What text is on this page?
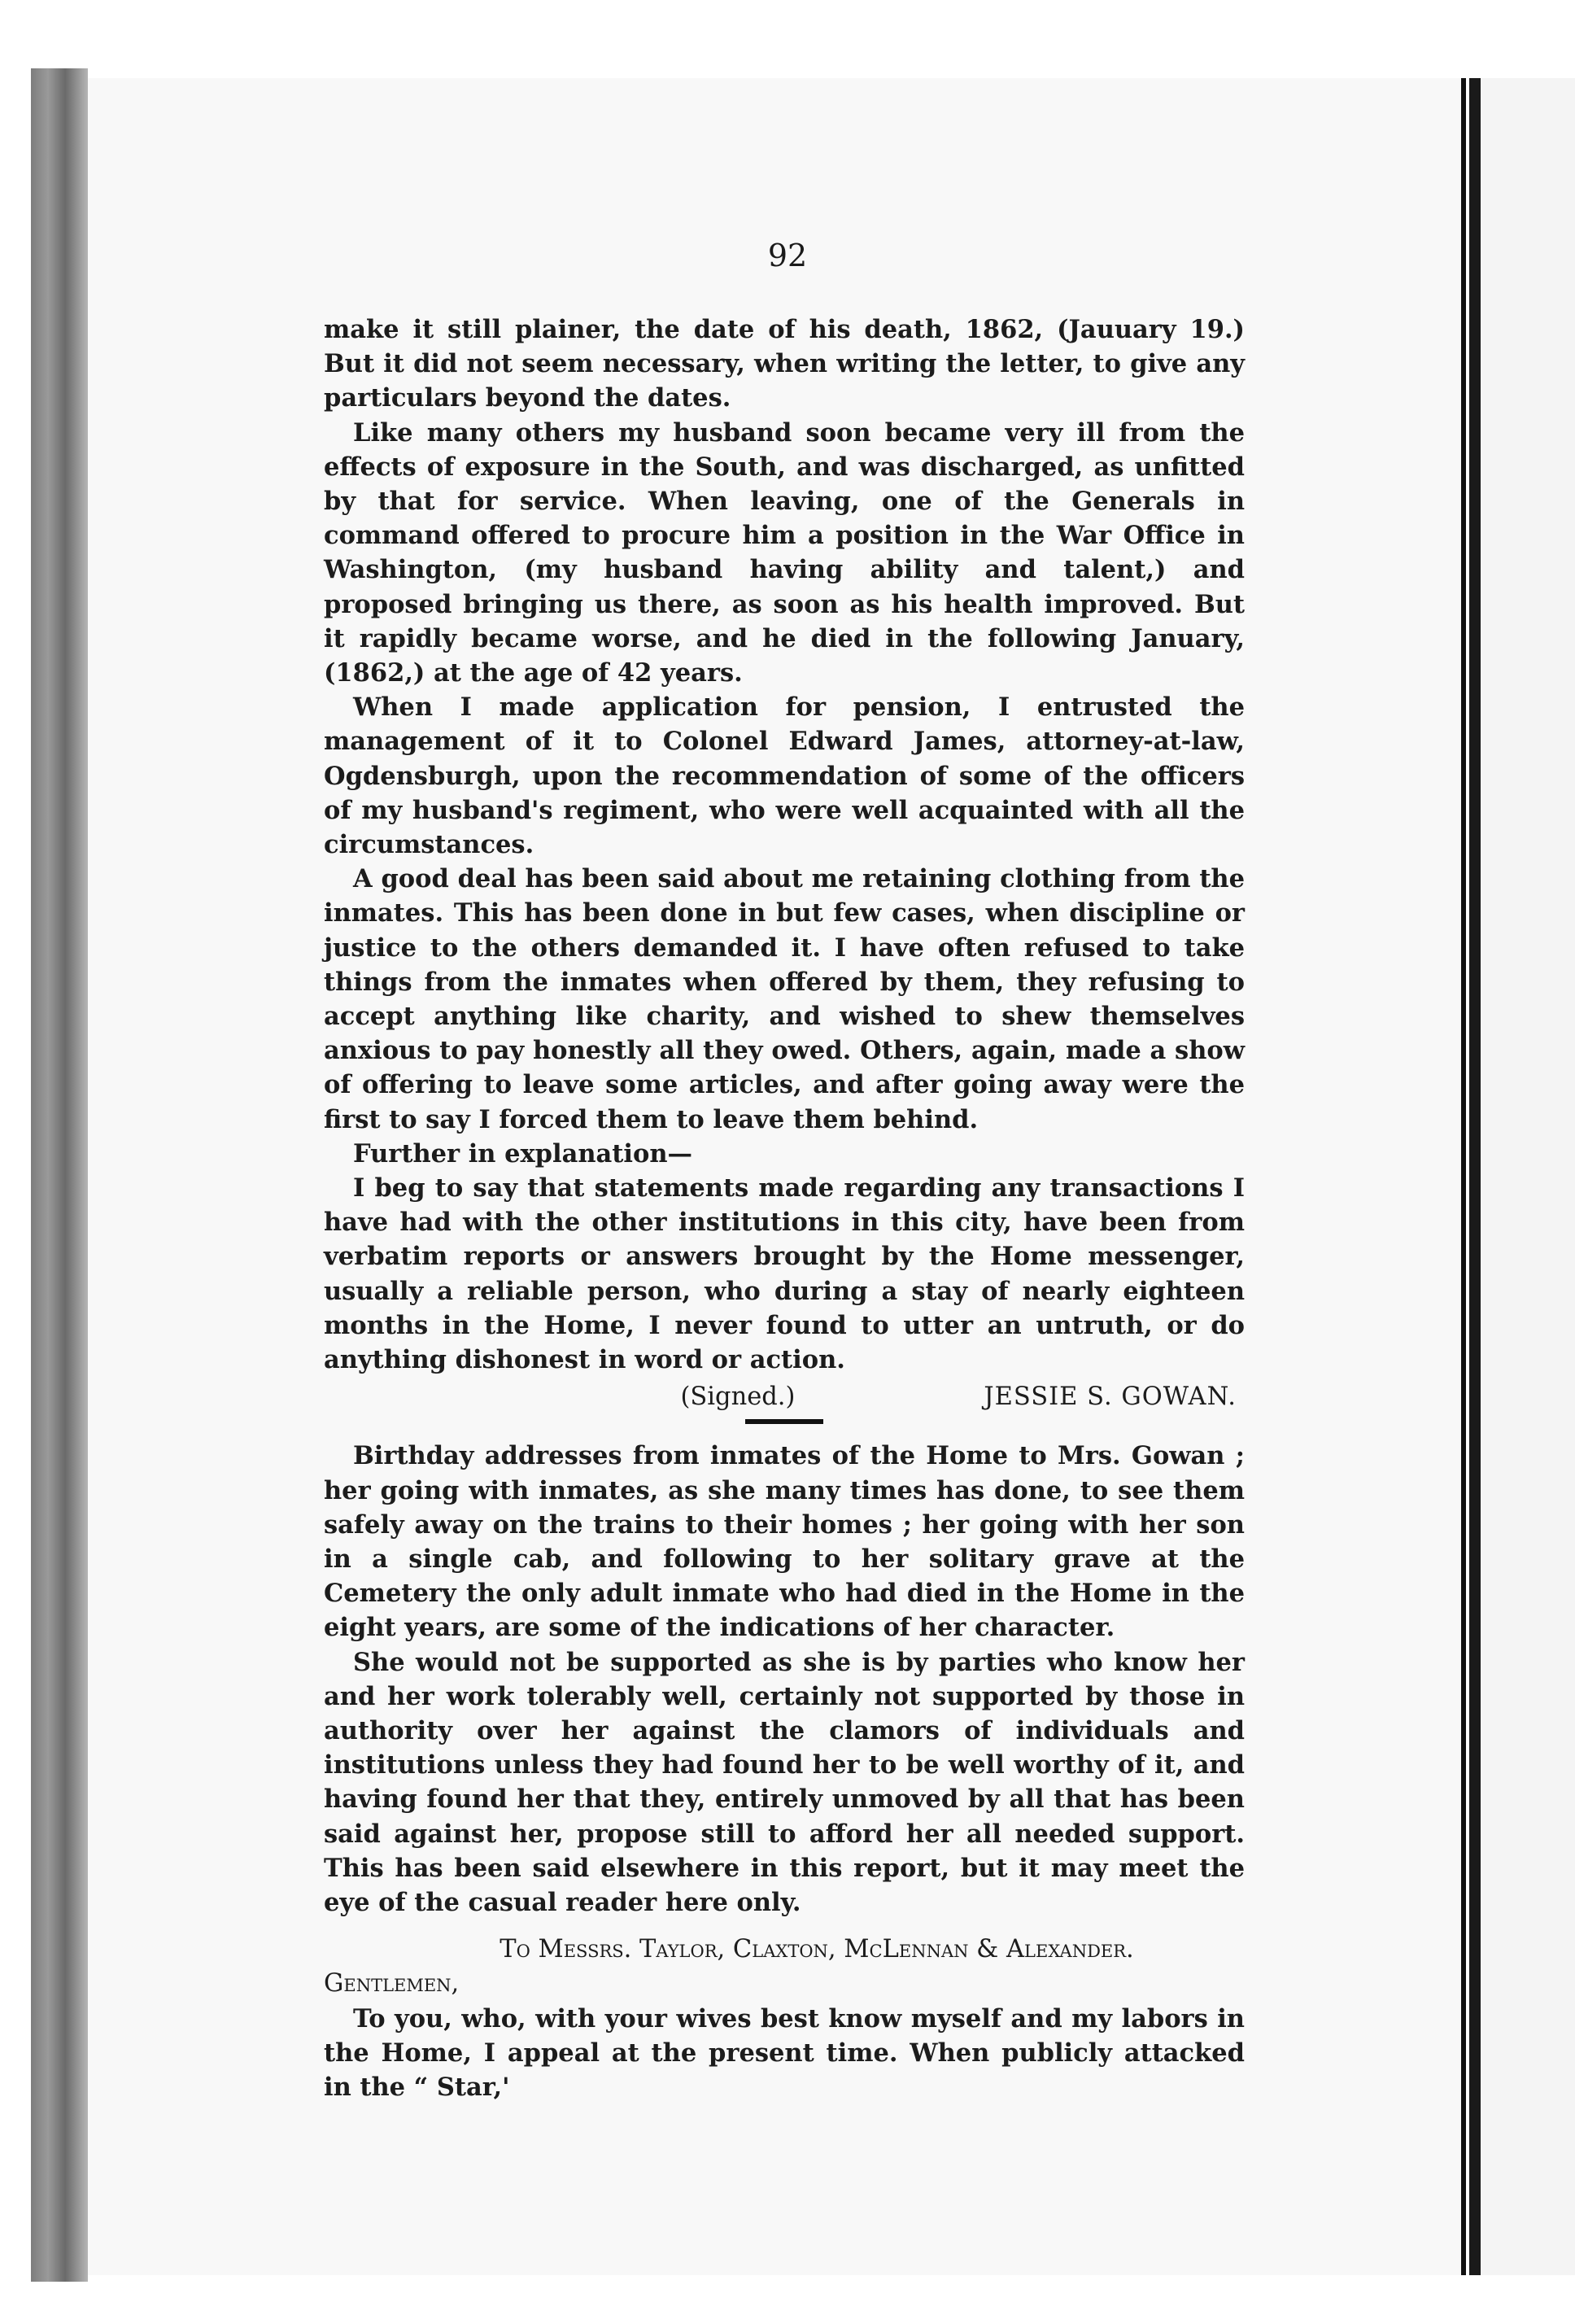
92

make it still plainer, the date of his death, 1862, (Jauuary 19.) But it did not seem necessary, when writing the letter, to give any particulars beyond the dates.

Like many others my husband soon became very ill from the effects of exposure in the South, and was discharged, as unfitted by that for service. When leaving, one of the Generals in command offered to procure him a position in the War Office in Washington, (my husband having ability and talent,) and proposed bringing us there, as soon as his health improved. But it rapidly became worse, and he died in the following January, (1862,) at the age of 42 years.

When I made application for pension, I entrusted the management of it to Colonel Edward James, attorney-at-law, Ogdensburgh, upon the recommendation of some of the officers of my husband's regiment, who were well acquainted with all the circumstances.

A good deal has been said about me retaining clothing from the inmates. This has been done in but few cases, when discipline or justice to the others demanded it. I have often refused to take things from the inmates when offered by them, they refusing to accept anything like charity, and wished to shew themselves anxious to pay honestly all they owed. Others, again, made a show of offering to leave some articles, and after going away were the first to say I forced them to leave them behind.

Further in explanation—

I beg to say that statements made regarding any transactions I have had with the other institutions in this city, have been from verbatim reports or answers brought by the Home messenger, usually a reliable person, who during a stay of nearly eighteen months in the Home, I never found to utter an untruth, or do anything dishonest in word or action.

(Signed.)	JESSIE S. GOWAN.

Birthday addresses from inmates of the Home to Mrs. Gowan ; her going with inmates, as she many times has done, to see them safely away on the trains to their homes ; her going with her son in a single cab, and following to her solitary grave at the Cemetery the only adult inmate who had died in the Home in the eight years, are some of the indications of her character.

She would not be supported as she is by parties who know her and her work tolerably well, certainly not supported by those in authority over her against the clamors of individuals and institutions unless they had found her to be well worthy of it, and having found her that they, entirely unmoved by all that has been said against her, propose still to afford her all needed support. This has been said elsewhere in this report, but it may meet the eye of the casual reader here only.

To Messrs. Taylor, Claxton, McLennan & Alexander.

Gentlemen,

To you, who, with your wives best know myself and my labors in the Home, I appeal at the present time. When publicly attacked in the “ Star,'
